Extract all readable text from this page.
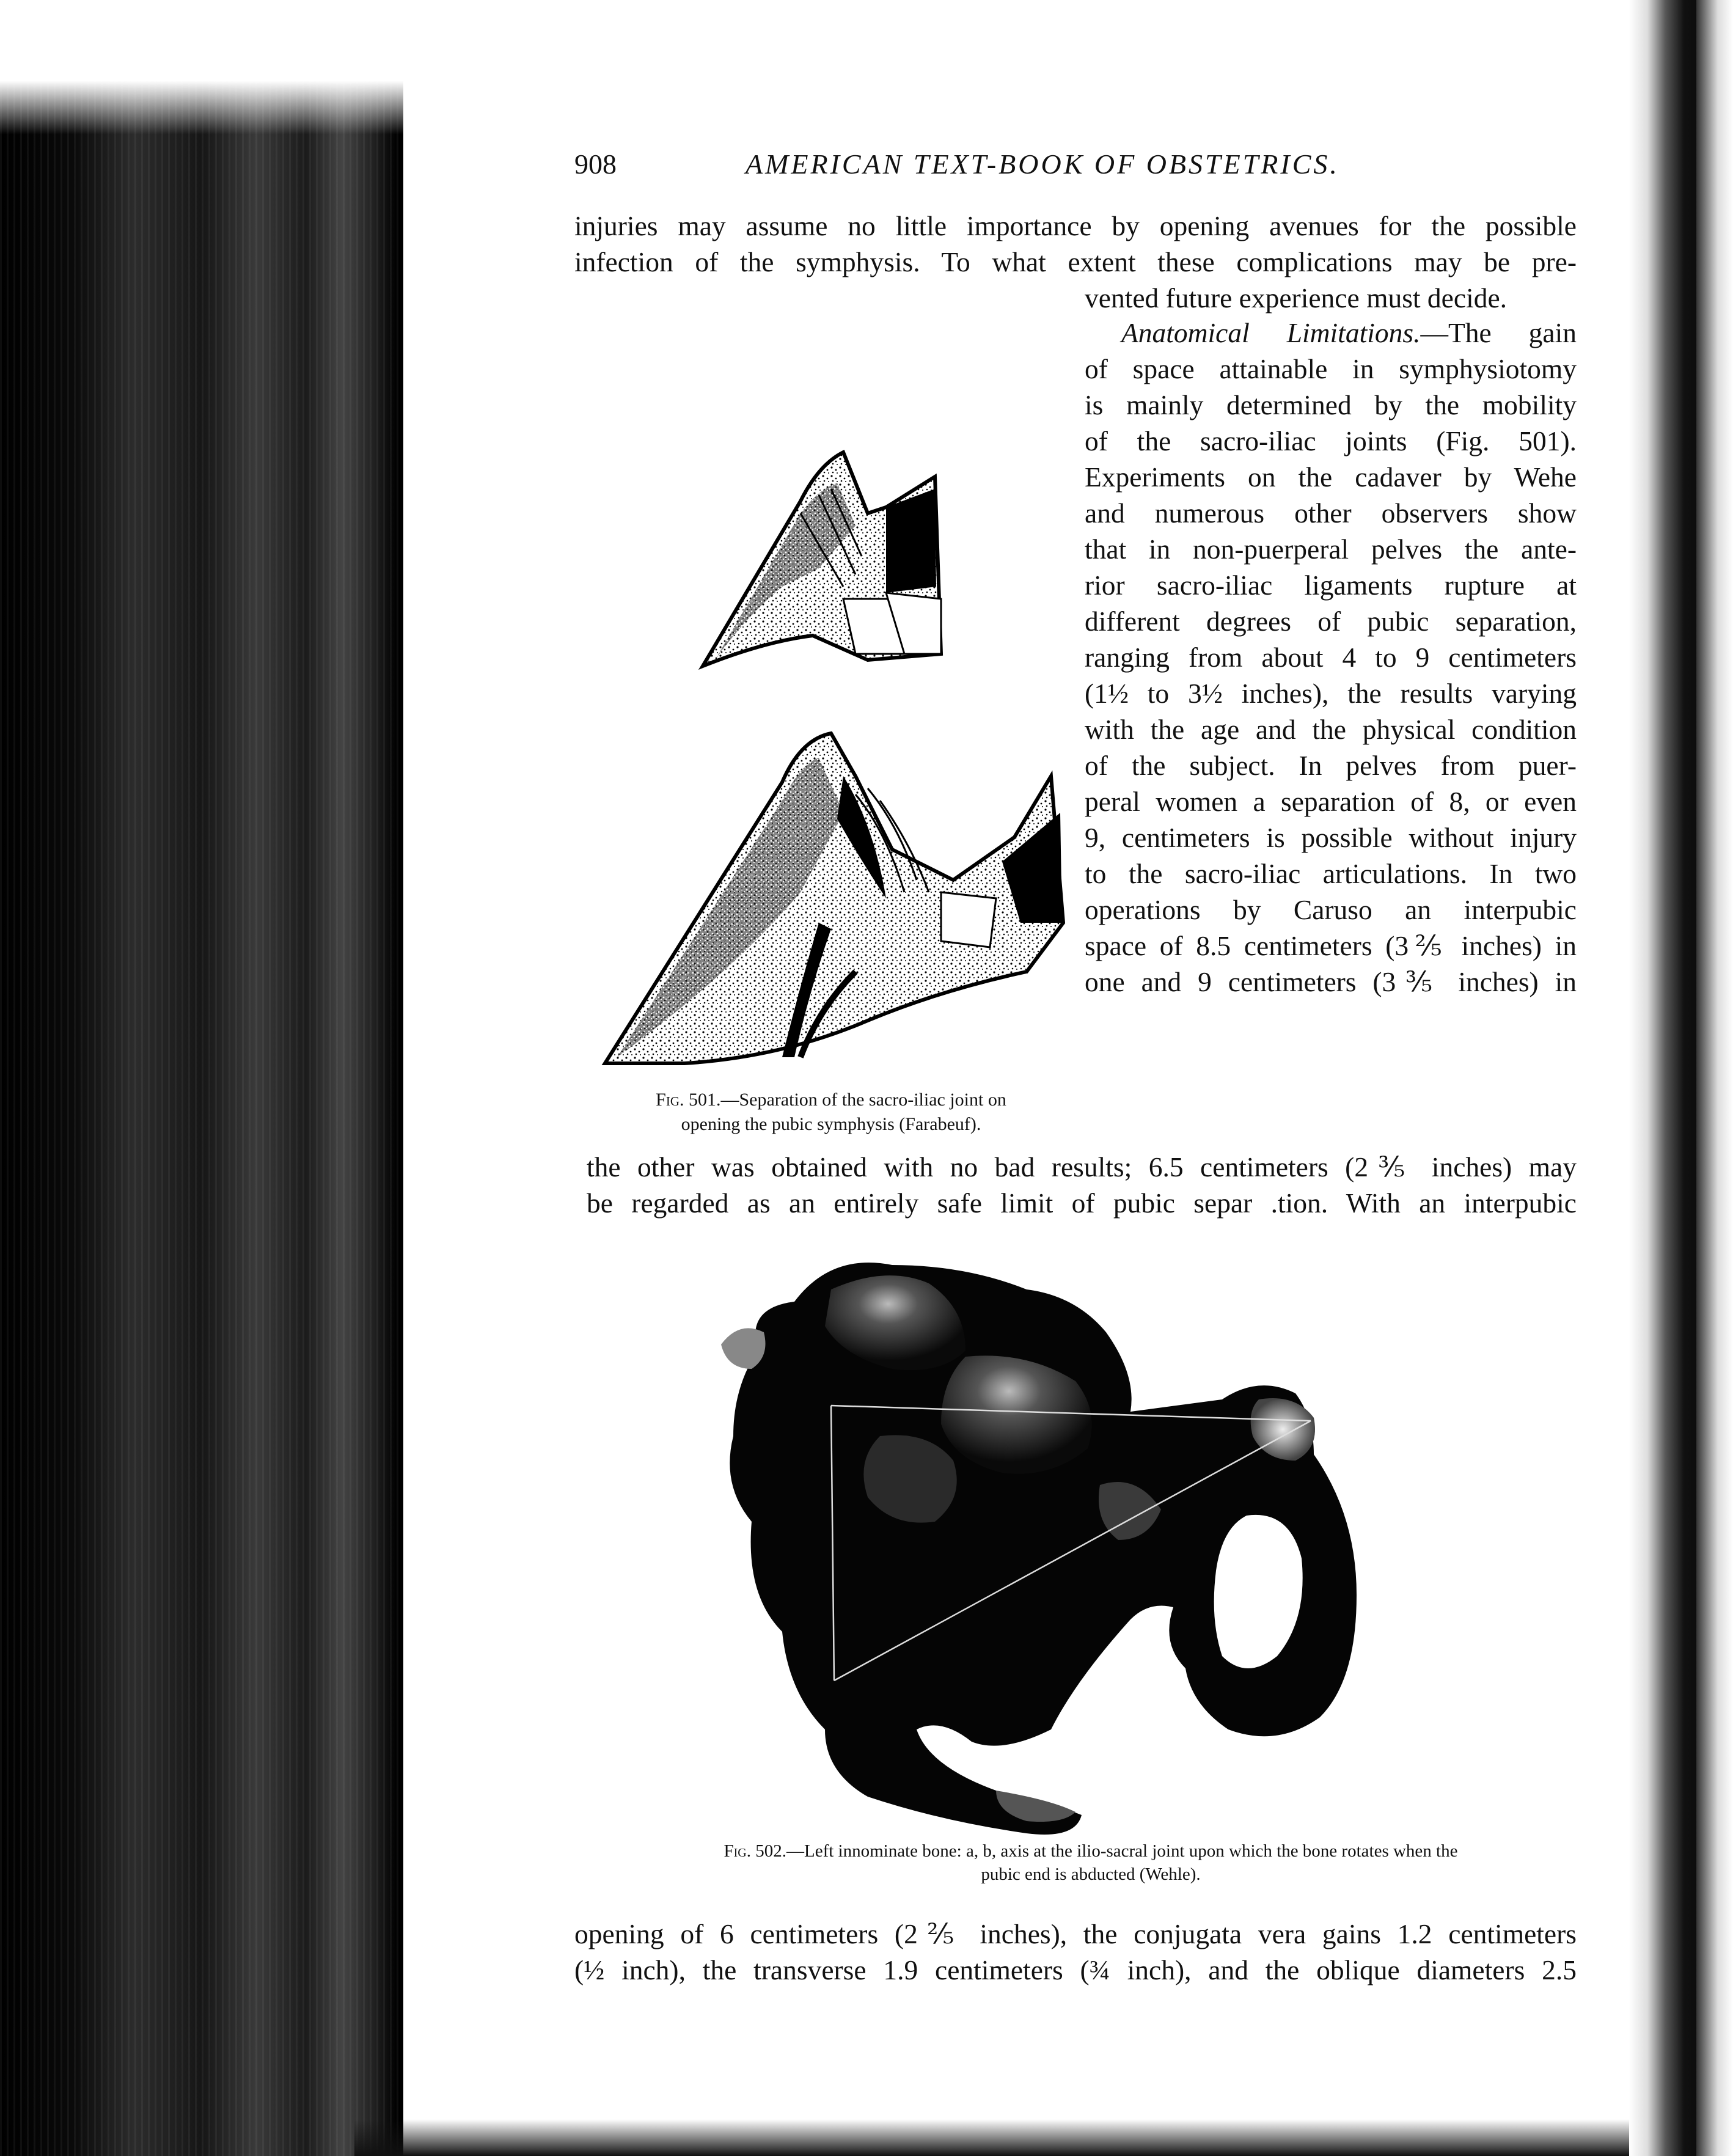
908	AMERICAN TEXT-BOOK OF OBSTETRICS.
injuries may assume no little importance by opening avenues for the possible
infection of the symphysis. To what extent these complications may be pre-
vented future experience must decide.
Anatomical Limitations.—The gain
of space attainable in symphysiotomy
is mainly determined by the mobility
of the sacro-iliac joints (Fig. 501).
Experiments on the cadaver by Wehe
and numerous other observers show
that in non-puerperal pelves the ante-
rior sacro-iliac ligaments rupture at
different degrees of pubic separation,
ranging from about 4 to 9 centimeters
(1½ to 3½ inches), the results varying
with the age and the physical condition
of the subject. In pelves from puer-
peral women a separation of 8, or even
9, centimeters is possible without injury
to the sacro-iliac articulations. In two
operations by Caruso an interpubic
space of 8.5 centimeters (3⅖ inches) in
one and 9 centimeters (3⅗ inches) in
Fig. 501.—Separation of the sacro-iliac joint on
opening the pubic symphysis (Farabeuf).
the other was obtained with no bad results; 6.5 centimeters (2⅗ inches) may
be regarded as an entirely safe limit of pubic separ .tion. With an interpubic
Fig. 502.—Left innominate bone: a, b, axis at the ilio-sacral joint upon which the bone rotates when the
pubic end is abducted (Wehle).
opening of 6 centimeters (2⅖ inches), the conjugata vera gains 1.2 centimeters
(½ inch), the transverse 1.9 centimeters (¾ inch), and the oblique diameters 2.5
